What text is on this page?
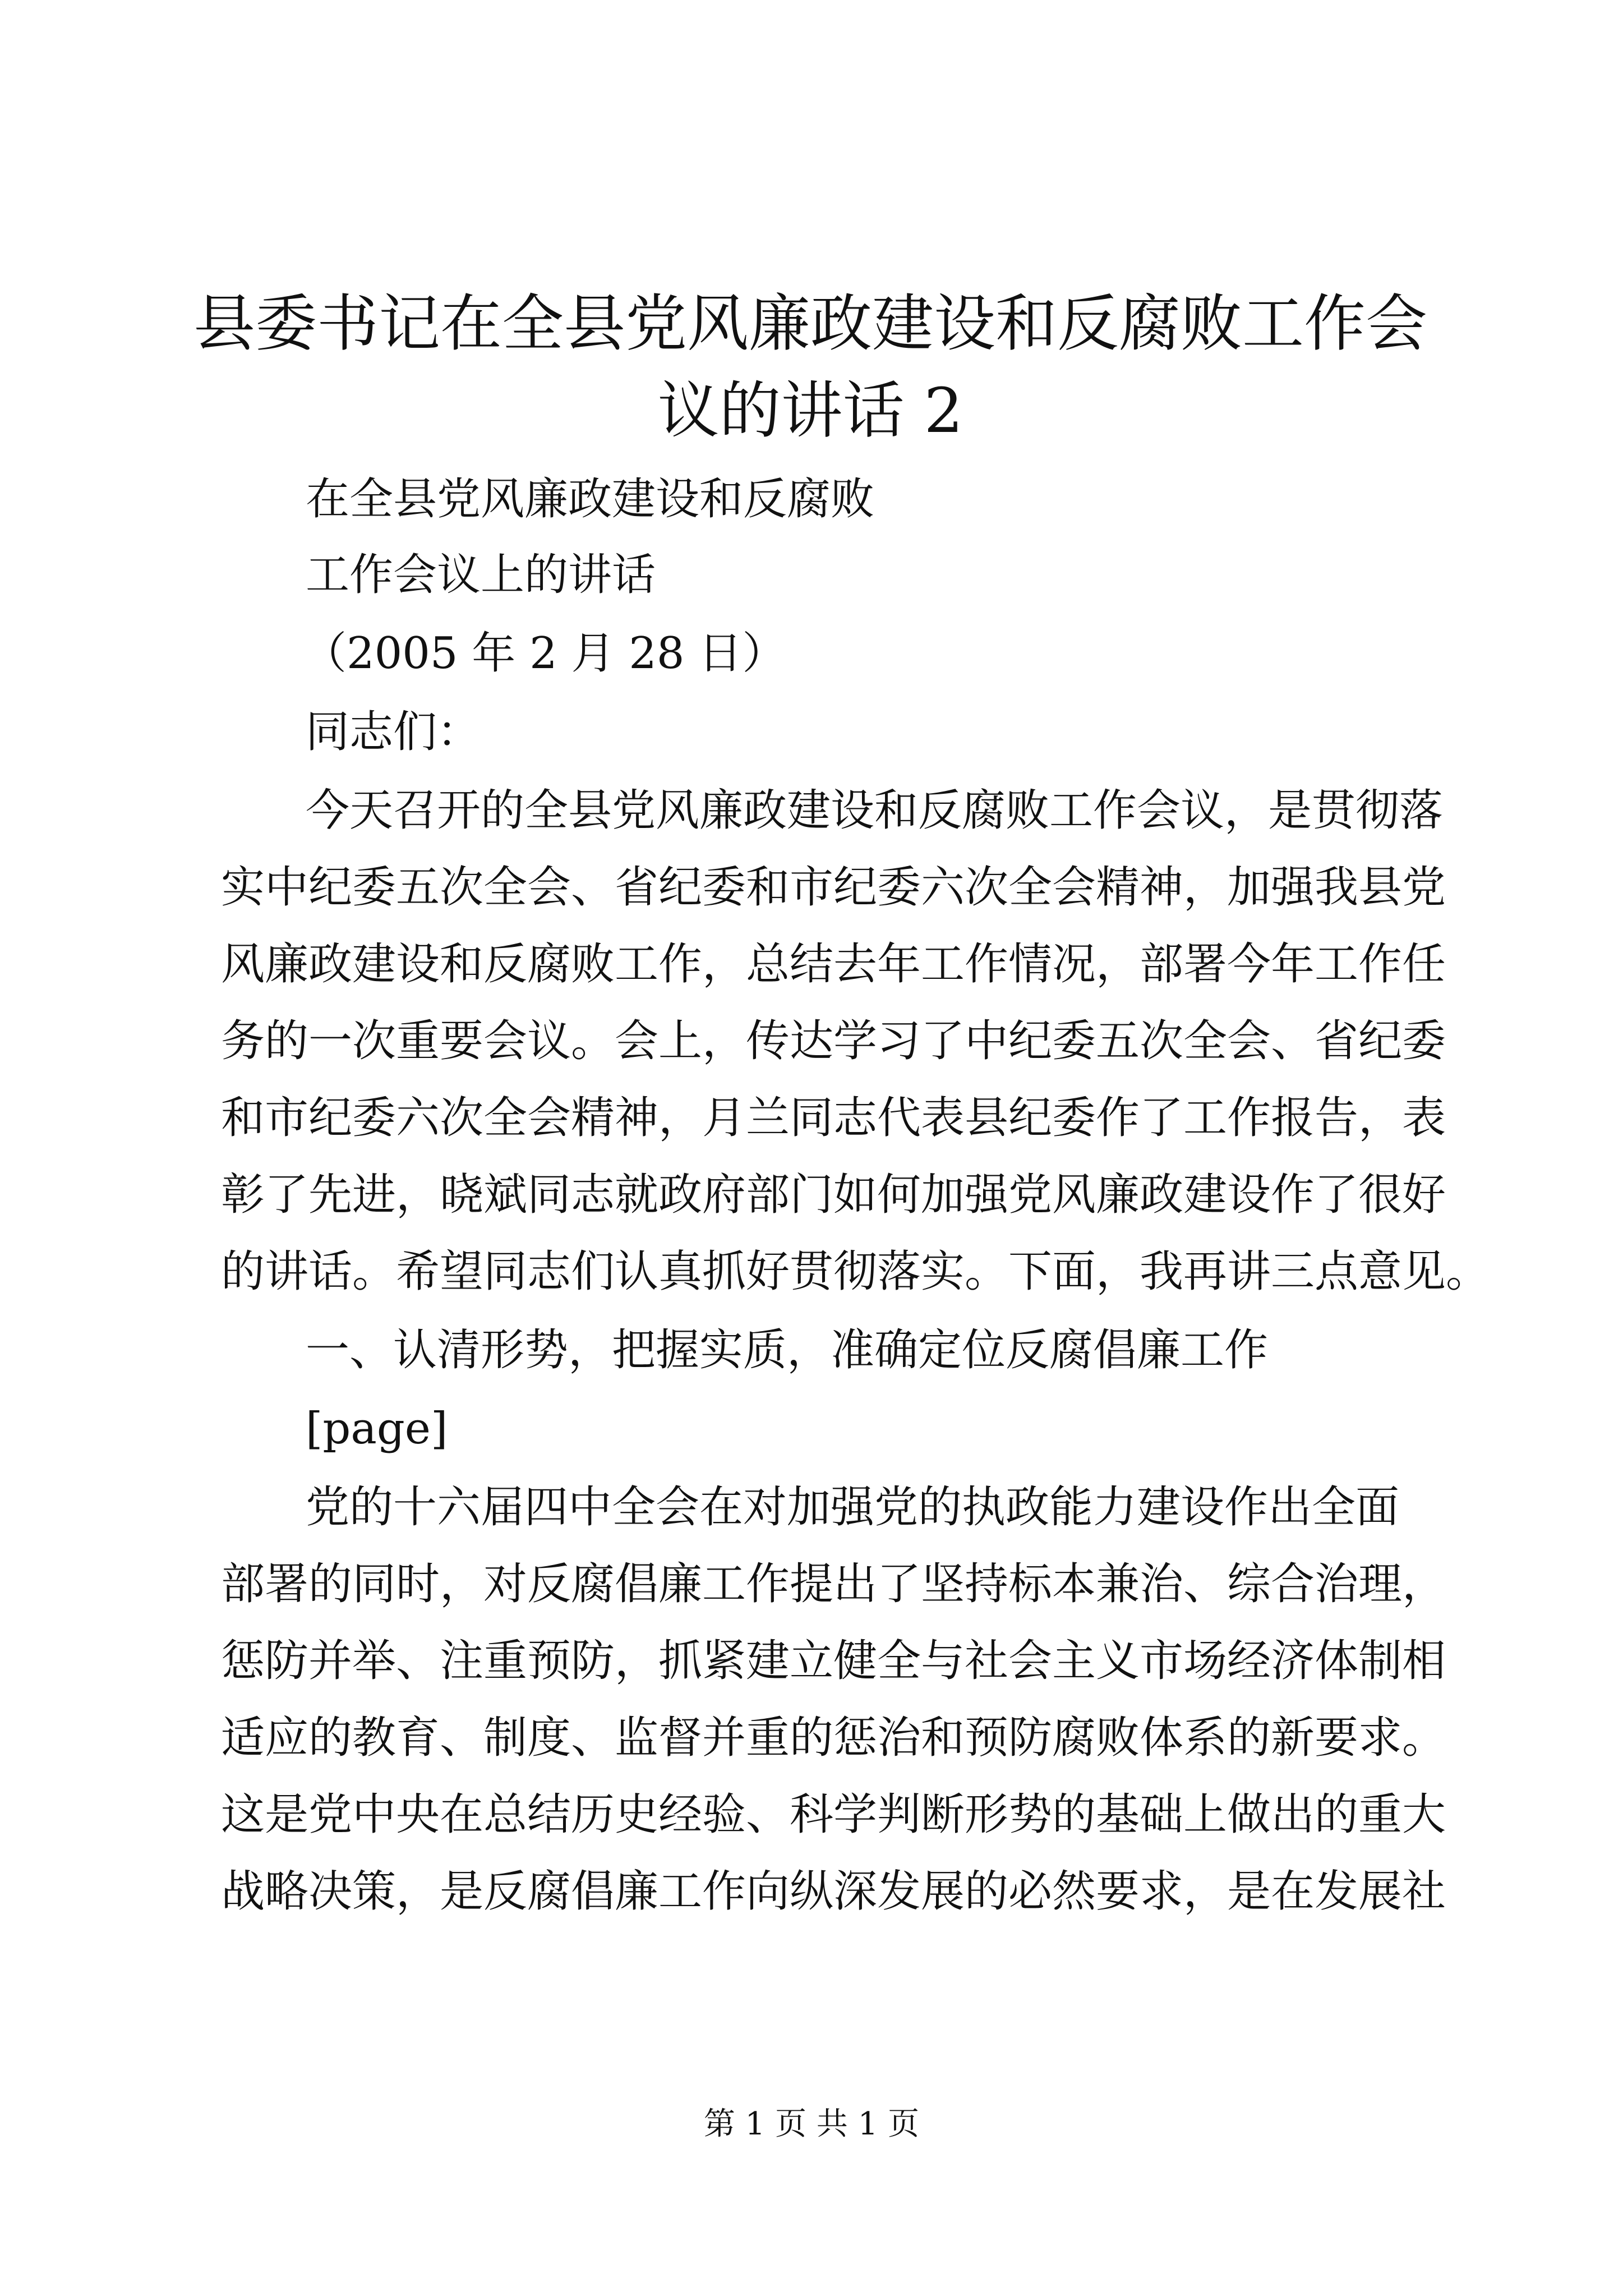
县委书记在全县党风廉政建设和反腐败工作会
议的讲话 2

在全县党风廉政建设和反腐败

工作会议上的讲话

（2005 年 2 月 28 日）

同志们：

今天召开的全县党风廉政建设和反腐败工作会议，是贯彻落

实中纪委五次全会、省纪委和市纪委六次全会精神，加强我县党

风廉政建设和反腐败工作，总结去年工作情况，部署今年工作任

务的一次重要会议。会上，传达学习了中纪委五次全会、省纪委

和市纪委六次全会精神，月兰同志代表县纪委作了工作报告，表

彰了先进，晓斌同志就政府部门如何加强党风廉政建设作了很好

的讲话。希望同志们认真抓好贯彻落实。下面，我再讲三点意见。

一、认清形势，把握实质，准确定位反腐倡廉工作

[page]

党的十六届四中全会在对加强党的执政能力建设作出全面

部署的同时，对反腐倡廉工作提出了坚持标本兼治、综合治理，

惩防并举、注重预防，抓紧建立健全与社会主义市场经济体制相

适应的教育、制度、监督并重的惩治和预防腐败体系的新要求。

这是党中央在总结历史经验、科学判断形势的基础上做出的重大

战略决策，是反腐倡廉工作向纵深发展的必然要求，是在发展社

第 1 页 共 1 页
